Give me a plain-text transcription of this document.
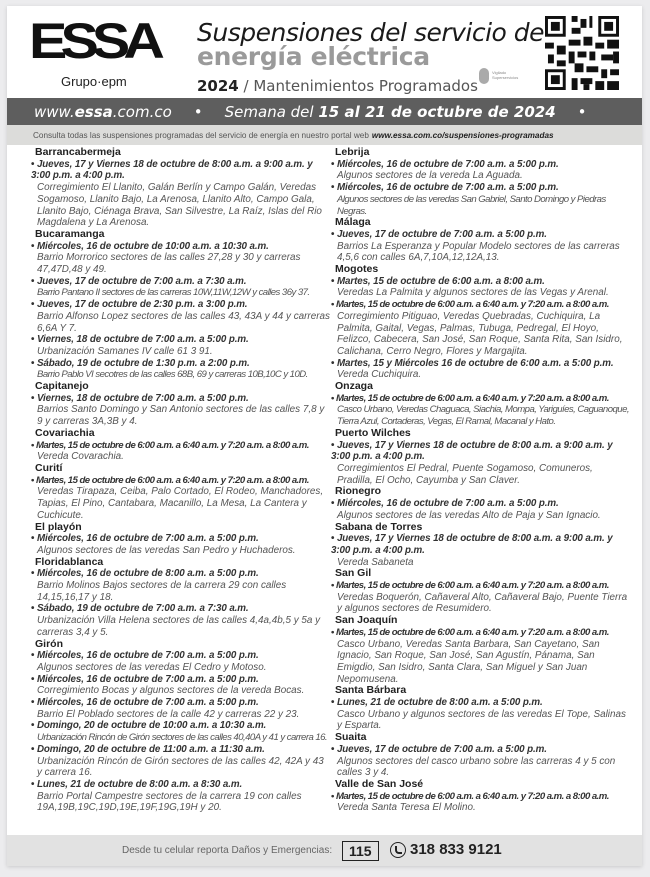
ESSA
Grupo·epm
Suspensiones del servicio de
energía eléctrica
2024 / Mantenimientos Programados
Vigilado Superservicios
www.essa.com.co • Semana del 15 al 21 de octubre de 2024 •
Consulta todas las suspensiones programadas del servicio de energía en nuestro portal web www.essa.com.co/suspensiones-programadas
Barrancabermeja
• Jueves, 17 y Viernes 18 de octubre de 8:00 a.m. a 9:00 a.m. y 3:00 p.m. a 4:00 p.m.
Corregimiento El Llanito, Galán Berlín y Campo Galán, Veredas Sogamoso, Llanito Bajo, La Arenosa, Llanito Alto, Campo Gala, Llanito Bajo, Ciénaga Brava, San Silvestre, La Raíz, Islas del Rio Magdalena y La Arenosa.
Bucaramanga
• Miércoles, 16 de octubre de 10:00 a.m. a 10:30 a.m.
Barrio Morrorico sectores de las calles 27,28 y 30 y carreras 47,47D,48 y 49.
• Jueves, 17 de octubre de 7:00 a.m. a 7:30 a.m.
Barrio Pantano II sectores de las carreras 10W,11W,12W y calles 36y 37.
• Jueves, 17 de octubre de 2:30 p.m. a 3:00 p.m.
Barrio Alfonso Lopez sectores de las calles 43, 43A y 44 y carreras 6,6A Y 7.
• Viernes, 18 de octubre de 7:00 a.m. a 5:00 p.m.
Urbanización Samanes IV calle 61 3 91.
• Sábado, 19 de octubre de 1:30 p.m. a 2:00 p.m.
Barrio Pablo VI secotres de las calles 68B, 69 y carreras 10B,10C y 10D.
Capitanejo
• Viernes, 18 de octubre de 7:00 a.m. a 5:00 p.m.
Barrios Santo Domingo y San Antonio sectores de las calles 7,8 y 9 y carreras 3A,3B y 4.
Covariachia
• Martes, 15 de octubre de 6:00 a.m. a 6:40 a.m. y 7:20 a.m. a 8:00 a.m.
Vereda Covarachia.
Curití
• Martes, 15 de octubre de 6:00 a.m. a 6:40 a.m. y 7:20 a.m. a 8:00 a.m.
Veredas Tirapaza, Ceiba, Palo Cortado, El Rodeo, Manchadores, Tapias, El Pino, Cantabara, Macanillo, La Mesa, La Cantera y Cuchicute.
El playón
• Miércoles, 16 de octubre de 7:00 a.m. a 5:00 p.m.
Algunos sectores de las veredas San Pedro y Huchaderos.
Floridablanca
• Miércoles, 16 de octubre de 8:00 a.m. a 5:00 p.m.
Barrio Molinos Bajos sectores de la carrera 29 con calles 14,15,16,17 y 18.
• Sábado, 19 de octubre de 7:00 a.m. a 7:30 a.m.
Urbanización Villa Helena sectores de las calles 4,4a,4b,5 y 5a y carreras 3,4 y 5.
Girón
• Miércoles, 16 de octubre de 7:00 a.m. a 5:00 p.m.
Algunos sectores de las veredas El Cedro y Motoso.
• Miércoles, 16 de octubre de 7:00 a.m. a 5:00 p.m.
Corregimiento Bocas y algunos sectores de la vereda Bocas.
• Miércoles, 16 de octubre de 7:00 a.m. a 5:00 p.m.
Barrio El Poblado sectores de la calle 42 y carreras 22 y 23.
• Domingo, 20 de octubre de 10:00 a.m. a 10:30 a.m.
Urbanización Rincón de Girón sectores de las calles 40,40A y 41 y carrera 16.
• Domingo, 20 de octubre de 11:00 a.m. a 11:30 a.m.
Urbanización Rincón de Girón sectores de las calles 42, 42A y 43 y carrera 16.
• Lunes, 21 de octubre de 8:00 a.m. a 8:30 a.m.
Barrio Portal Campestre sectores de la carrera 19 con calles 19A,19B,19C,19D,19E,19F,19G,19H y 20.
Lebrija
• Miércoles, 16 de octubre de 7:00 a.m. a 5:00 p.m.
Algunos sectores de la vereda La Aguada.
• Miércoles, 16 de octubre de 7:00 a.m. a 5:00 p.m.
Algunos sectores de las veredas San Gabriel, Santo Domingo y Piedras Negras.
Málaga
• Jueves, 17 de octubre de 7:00 a.m. a 5:00 p.m.
Barrios La Esperanza y Popular Modelo sectores de las carreras 4,5,6 con calles 6A,7,10A,12,12A,13.
Mogotes
• Martes, 15 de octubre de 6:00 a.m. a 8:00 a.m.
Veredas La Palmita y algunos sectores de las Vegas y Arenal.
• Martes, 15 de octubre de 6:00 a.m. a 6:40 a.m. y 7:20 a.m. a 8:00 a.m.
Corregimiento Pitiguao, Veredas Quebradas, Cuchiquira, La Palmita, Gaital, Vegas, Palmas, Tubuga, Pedregal, El Hoyo, Felizco, Cabecera, San José, San Roque, Santa Rita, San Isidro, Calichana, Cerro Negro, Flores y Margajita.
• Martes, 15 y Miércoles 16 de octubre de 6:00 a.m. a 5:00 p.m.
Vereda Cuchiquira.
Onzaga
• Martes, 15 de octubre de 6:00 a.m. a 6:40 a.m. y 7:20 a.m. a 8:00 a.m.
Casco Urbano, Veredas Chaguaca, Siachia, Mompa, Yariguíes, Caguanoque, Tierra Azul, Cortaderas, Vegas, El Ramal, Macanal y Hato.
Puerto Wilches
• Jueves, 17 y Viernes 18 de octubre de 8:00 a.m. a 9:00 a.m. y 3:00 p.m. a 4:00 p.m.
Corregimientos El Pedral, Puente Sogamoso, Comuneros, Pradilla, El Ocho, Cayumba y San Claver.
Rionegro
• Miércoles, 16 de octubre de 7:00 a.m. a 5:00 p.m.
Algunos sectores de las veredas Alto de Paja y San Ignacio.
Sabana de Torres
• Jueves, 17 y Viernes 18 de octubre de 8:00 a.m. a 9:00 a.m. y 3:00 p.m. a 4:00 p.m.
Vereda Sabaneta
San Gil
• Martes, 15 de octubre de 6:00 a.m. a 6:40 a.m. y 7:20 a.m. a 8:00 a.m.
Veredas Boquerón, Cañaveral Alto, Cañaveral Bajo, Puente Tierra y algunos sectores de Resumidero.
San Joaquín
• Martes, 15 de octubre de 6:00 a.m. a 6:40 a.m. y 7:20 a.m. a 8:00 a.m.
Casco Urbano, Veredas Santa Barbara, San Cayetano, San Ignacio, San Roque, San José, San Agustín, Pánama, San Emigdio, San Isidro, Santa Clara, San Miguel y San Juan Nepomusena.
Santa Bárbara
• Lunes, 21 de octubre de 8:00 a.m. a 5:00 p.m.
Casco Urbano y algunos sectores de las veredas El Tope, Salinas y Esparta.
Suaita
• Jueves, 17 de octubre de 7:00 a.m. a 5:00 p.m.
Algunos sectores del casco urbano sobre las carreras 4 y 5 con calles 3 y 4.
Valle de San José
• Martes, 15 de octubre de 6:00 a.m. a 6:40 a.m. y 7:20 a.m. a 8:00 a.m.
Vereda Santa Teresa El Molino.
Desde tu celular reporta Daños y Emergencias:	115	318 833 9121
